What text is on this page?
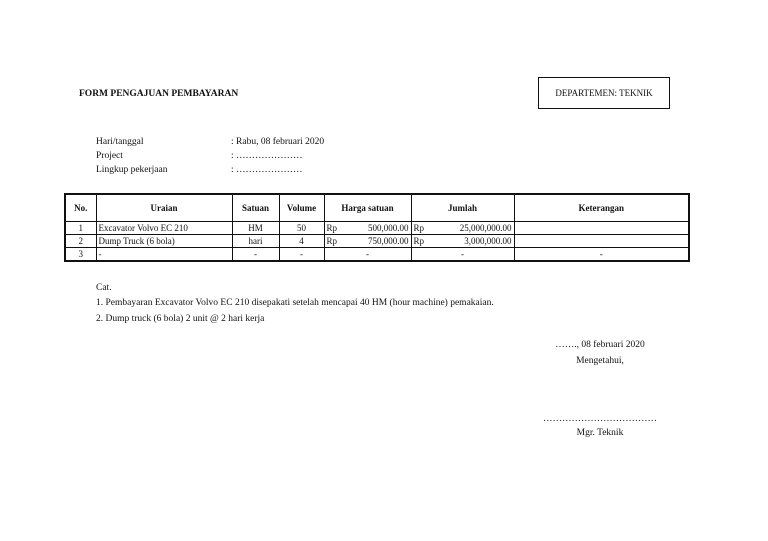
FORM PENGAJUAN PEMBAYARAN	DEPARTEMEN: TEKNIK
Hari/tanggal	: Rabu, 08 februari 2020
Project	: …………………
Lingkup pekerjaan	: …………………
No.	Uraian	Satuan	Volume	Harga satuan	Jumlah	Keterangan
1	Excavator Volvo EC 210	HM	50	Rp 500,000.00	Rp 25,000,000.00	

2	Dump Truck (6 bola)	hari	4	Rp 750,000.00	Rp 3,000,000.00	

3	-	-	-	-	-	-
Cat.
1. Pembayaran Excavator Volvo EC 210 disepakati setelah mencapai 40 HM (hour machine) pemakaian.
2. Dump truck (6 bola) 2 unit @ 2 hari kerja
……., 08 februari 2020
Mengetahui,
………………………………
Mgr. Teknik
